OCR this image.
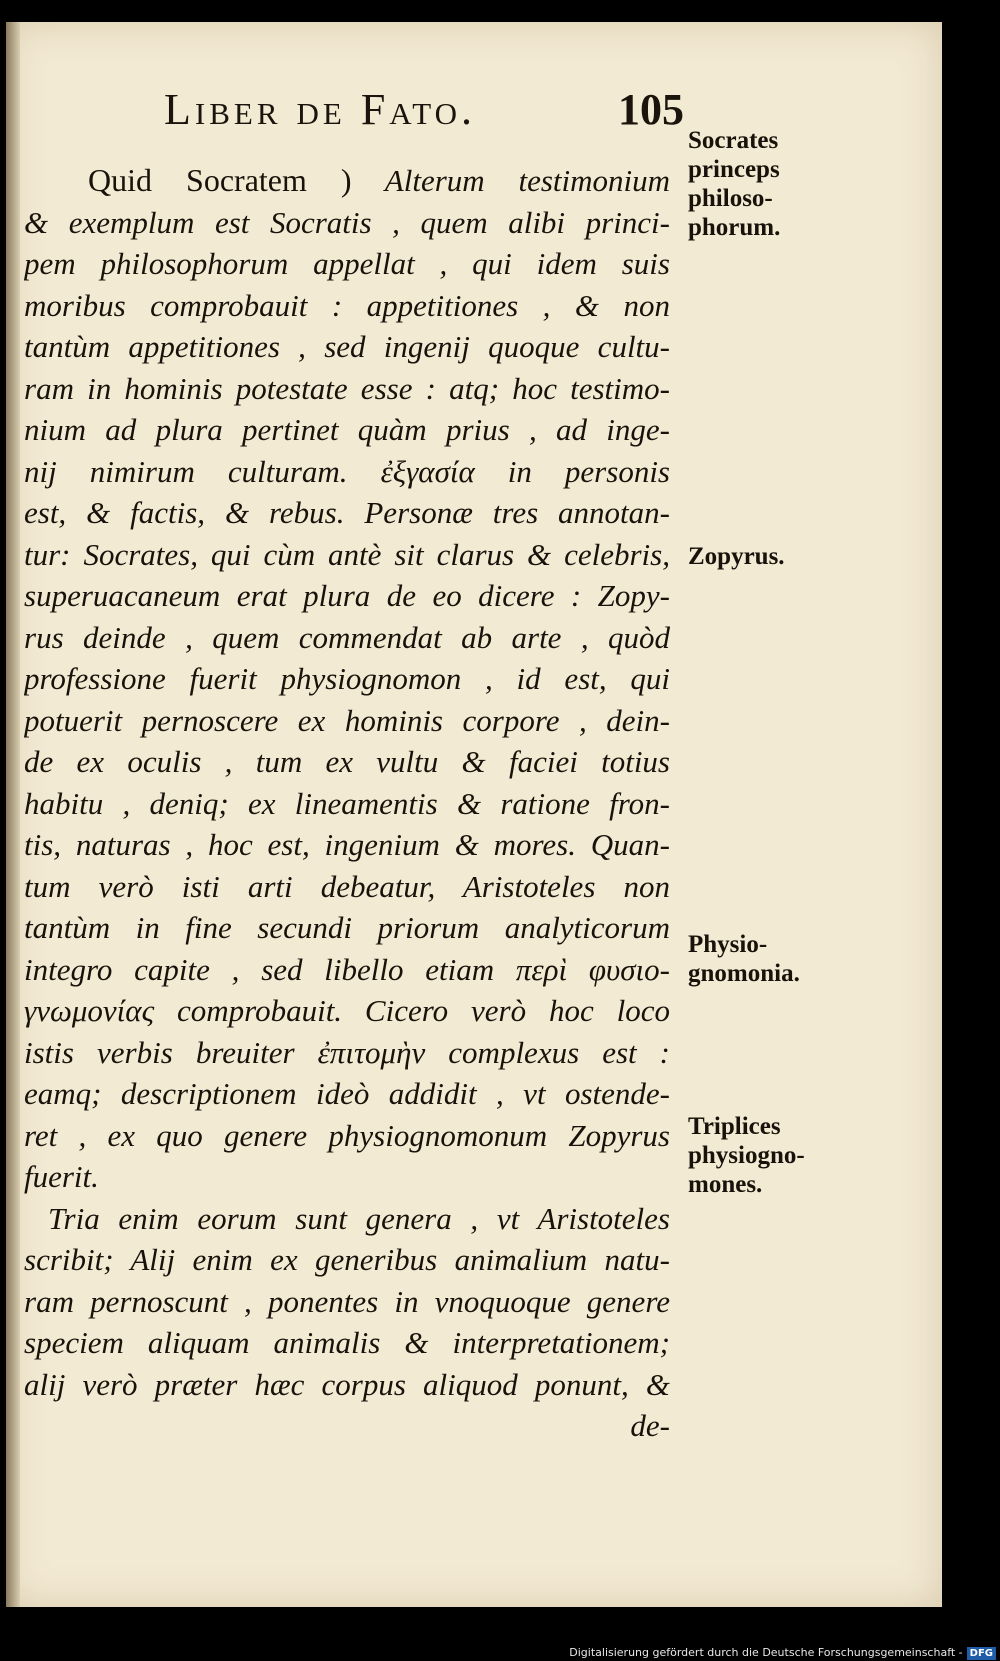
Liber de Fato.	105
Quid Socratem ) Alterum testimonium
& exemplum est Socratis , quem alibi princi-
pem philosophorum appellat , qui idem suis
moribus comprobauit : appetitiones , & non
tantùm appetitiones , sed ingenij quoque cultu-
ram in hominis potestate esse : atq; hoc testimo-
nium ad plura pertinet quàm prius , ad inge-
nij nimirum culturam. ἐξγασία in personis
est, & factis, & rebus. Personæ tres annotan-
tur: Socrates, qui cùm antè sit clarus & celebris,
superuacaneum erat plura de eo dicere : Zopy-
rus deinde , quem commendat ab arte , quòd
professione fuerit physiognomon , id est, qui
potuerit pernoscere ex hominis corpore , dein-
de ex oculis , tum ex vultu & faciei totius
habitu , deniq; ex lineamentis & ratione fron-
tis, naturas , hoc est, ingenium & mores. Quan-
tum verò isti arti debeatur, Aristoteles non
tantùm in fine secundi priorum analyticorum
integro capite , sed libello etiam περὶ φυσιο-
γνωμονίας comprobauit. Cicero verò hoc loco
istis verbis breuiter ἐπιτομὴν complexus est :
eamq; descriptionem ideò addidit , vt ostende-
ret , ex quo genere physiognomonum Zopyrus
fuerit.
Tria enim eorum sunt genera , vt Aristoteles
scribit; Alij enim ex generibus animalium natu-
ram pernoscunt , ponentes in vnoquoque genere
speciem aliquam animalis & interpretationem;
alij verò præter hæc corpus aliquod ponunt, &
de-
Socrates princeps philoso- phorum.
Zopyrus.
Physio- gnomonia.
Triplices physiogno- mones.
Digitalisierung gefördert durch die Deutsche Forschungsgemeinschaft - DFG
